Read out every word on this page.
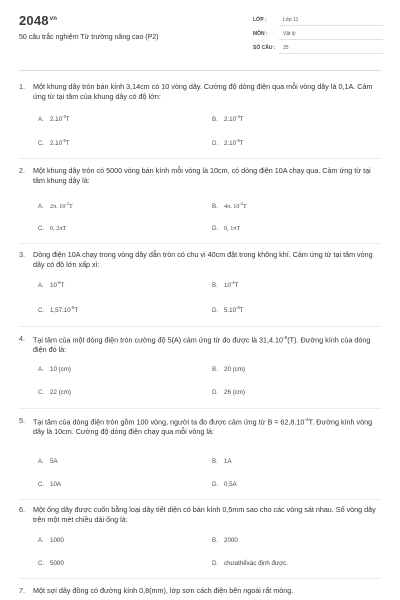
$2048^{vn}$
50 câu trắc nghiệm Từ trường nâng cao (P2)
LỚP :	Lớp 11
MÔN :	Vật lý
SỐ CÂU : 25
1.	Một khung dây tròn bán kính 3,14cm có 10 vòng dây. Cường độ dòng điện qua mỗi vòng dây là 0,1A. Cảm ứng từ tại tâm của khung dây có độ lớn:
A. $2.10^{-3}T$	B. $2.10^{-4}T$
C. $2.10^{-5}T$	D. $2.10^{-6}T$
2.	Một khung dây tròn có 5000 vòng bán kính mỗi vòng là 10cm, có dòng điện 10A chạy qua. Cảm ứng từ tại tâm khung dây là:
A. 2π. $10^{-2}T$	B. 4π. $10^{-2}T$
C. 0, 2πT	D. 0, 1πT
3.	Dòng điện 10A chạy trong vòng dây dẫn tròn có chu vi 40cm đặt trong không khí. Cảm ứng từ tại tâm vòng dây có độ lớn xấp xỉ:
A. $10^{-5}T$	B. $10^{-4}T$
C. $1,57.10^{-5}T$	D. $5.10^{-5}T$
4.	Tại tâm của một dòng điện tròn cường độ 5(A) cảm ứng từ đo được là $31,4.10^{-6}(T)$. Đường kính của dòng điện đó là:
A. 10 (cm)	B. 20 (cm)
C. 22 (cm)	D. 26 (cm)
5.	Tại tâm của dòng điện tròn gồm 100 vòng, người ta đo được cảm ứng từ $B = 62,8.10^{-4}T$. Đường kính vòng dây là 10cm. Cường độ dòng điện chạy qua mỗi vòng là:
A. 5A	B. 1A
C. 10A	D. 0,5A
6.	Một ống dây được cuốn bằng loại dây tiết diện có bán kính 0,5mm sao cho các vòng sát nhau. Số vòng dây trên một mét chiều dài ống là:
A. 1000	B. 2000
C. 5000	D. chưathểxác định được.
7.	Một sợi dây đồng có đường kính 0,8(mm), lớp sơn cách điện bên ngoài rất mỏng.
